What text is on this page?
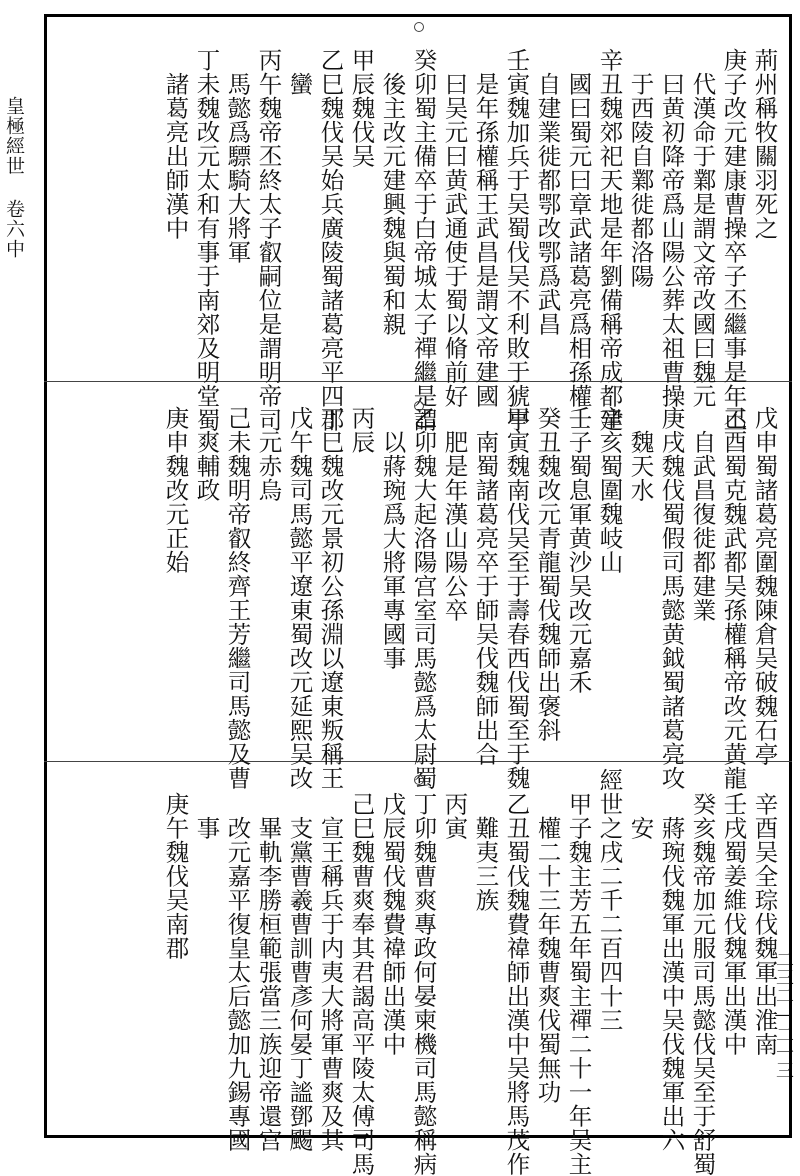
皇極經世 卷六中
二三二—二一三
荊州稱牧關羽死之
庚子改元建康曹操卒子丕繼事是年丕
代漢命于鄴是謂文帝改國曰魏元
曰黄初降帝爲山陽公葬太祖曹操
于西陵自鄴徙都洛陽
辛丑魏郊祀天地是年劉備稱帝成都建
國曰蜀元曰章武諸葛亮爲相孫權
自建業徙都鄂改鄂爲武昌
壬寅魏加兵于吴蜀伐吴不利敗于猇亭
是年孫權稱王武昌是謂文帝建國
曰吴元曰黄武通使于蜀以脩前好
癸卯蜀主備卒于白帝城太子禪繼是謂
後主改元建興魏與蜀和親
甲辰魏伐吴
乙巳魏伐吴始兵廣陵蜀諸葛亮平四郡
蠻
丙午魏帝丕終太子叡嗣位是謂明帝司
馬懿爲驃騎大將軍
丁未魏改元太和有事于南郊及明堂蜀
諸葛亮出師漢中
戊申蜀諸葛亮圍魏陳倉吴破魏石亭
己酉蜀克魏武都吴孫權稱帝改元黄龍
自武昌復徙都建業
庚戌魏伐蜀假司馬懿黄鉞蜀諸葛亮攻
魏天水
辛亥蜀圍魏岐山
壬子蜀息軍黄沙吴改元嘉禾
癸丑魏改元青龍蜀伐魏師出褒斜
甲寅魏南伐吴至于壽春西伐蜀至于魏
南蜀諸葛亮卒于師吴伐魏師出合
肥是年漢山陽公卒
乙卯魏大起洛陽宫室司馬懿爲太尉蜀
以蔣琬爲大將軍專國事
丙辰
丁巳魏改元景初公孫淵以遼東叛稱王
戊午魏司馬懿平遼東蜀改元延熙吴改
元赤烏
己未魏明帝叡終齊王芳繼司馬懿及曹
爽輔政
庚申魏改元正始
辛酉吴全琮伐魏軍出淮南
壬戌蜀姜維伐魏軍出漢中
癸亥魏帝加元服司馬懿伐吴至于舒蜀
蔣琬伐魏軍出漢中吴伐魏軍出六
安
經世之戌二千二百四十三
甲子魏主芳五年蜀主禪二十一年吴主
權二十三年魏曹爽伐蜀無功
乙丑蜀伐魏費禕師出漢中吴將馬茂作
難夷三族
丙寅
丁卯魏曹爽專政何晏柬機司馬懿稱病
戊辰蜀伐魏費禕師出漢中
己巳魏曹爽奉其君謁高平陵太傅司馬
宣王稱兵于内夷大將軍曹爽及其
支黨曹羲曹訓曹彥何晏丁謐鄧颺
畢軌李勝桓範張當三族迎帝還宫
改元嘉平復皇太后懿加九錫專國
事
庚午魏伐吴南郡
